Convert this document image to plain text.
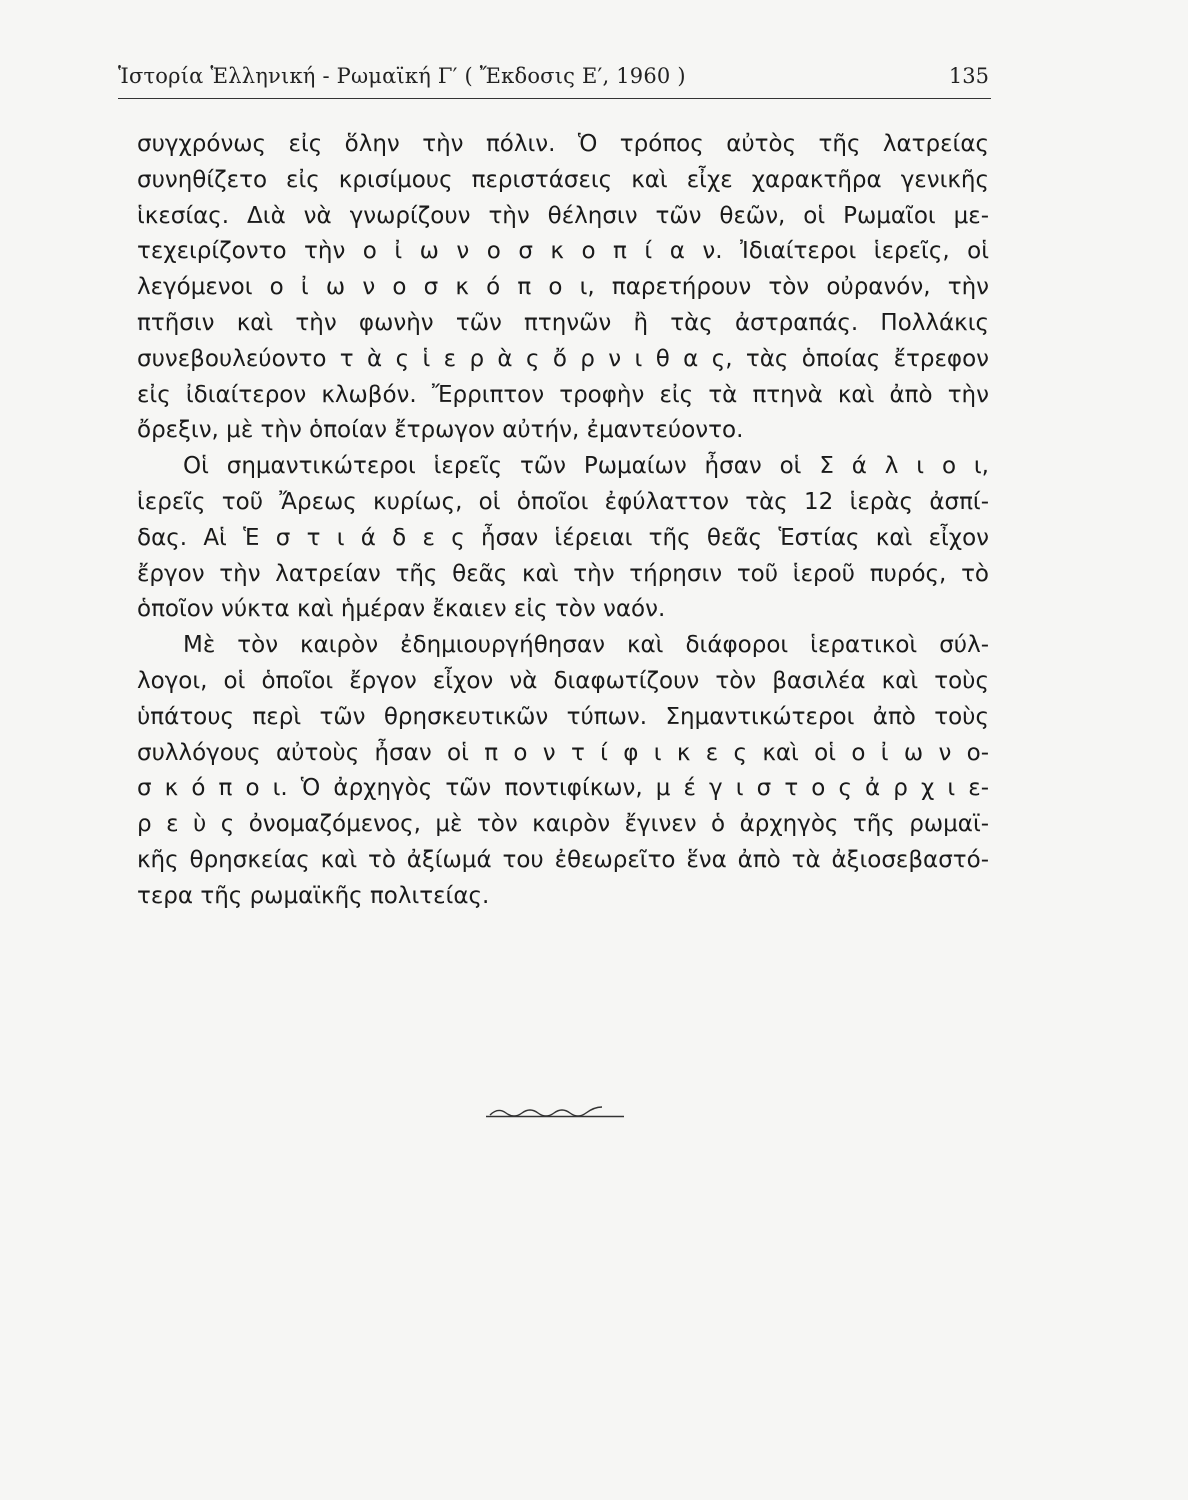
Ἱστορία Ἑλληνική - Ρωμαϊκή Γ′ ( Ἔκδοσις Ε′, 1960 )	135

συγχρόνως εἰς ὅλην τὴν πόλιν. Ὁ τρόπος αὐτὸς τῆς λατρείας
συνηθίζετο εἰς κρισίμους περιστάσεις καὶ εἶχε χαρακτῆρα γενικῆς
ἱκεσίας. Διὰ νὰ γνωρίζουν τὴν θέλησιν τῶν θεῶν, οἱ Ρωμαῖοι με-
τεχειρίζοντο τὴν ο ἰ ω ν ο σ κ ο π ί α ν. Ἰδιαίτεροι ἱερεῖς, οἱ
λεγόμενοι ο ἰ ω ν ο σ κ ό π ο ι, παρετήρουν τὸν οὐρανόν, τὴν
πτῆσιν καὶ τὴν φωνὴν τῶν πτηνῶν ἢ τὰς ἀστραπάς. Πολλάκις
συνεβουλεύοντο τ ὰ ς ἱ ε ρ ὰ ς ὄ ρ ν ι θ α ς, τὰς ὁποίας ἔτρεφον
εἰς ἰδιαίτερον κλωβόν. Ἔρριπτον τροφὴν εἰς τὰ πτηνὰ καὶ ἀπὸ τὴν
ὄρεξιν, μὲ τὴν ὁποίαν ἔτρωγον αὐτήν, ἐμαντεύοντο.

Οἱ σημαντικώτεροι ἱερεῖς τῶν Ρωμαίων ἦσαν οἱ Σ ά λ ι ο ι,
ἱερεῖς τοῦ Ἄρεως κυρίως, οἱ ὁποῖοι ἐφύλαττον τὰς 12 ἱερὰς ἀσπί-
δας. Αἱ Ἑ σ τ ι ά δ ε ς ἦσαν ἱέρειαι τῆς θεᾶς Ἑστίας καὶ εἶχον
ἔργον τὴν λατρείαν τῆς θεᾶς καὶ τὴν τήρησιν τοῦ ἱεροῦ πυρός, τὸ
ὁποῖον νύκτα καὶ ἡμέραν ἔκαιεν εἰς τὸν ναόν.

Μὲ τὸν καιρὸν ἐδημιουργήθησαν καὶ διάφοροι ἱερατικοὶ σύλ-
λογοι, οἱ ὁποῖοι ἔργον εἶχον νὰ διαφωτίζουν τὸν βασιλέα καὶ τοὺς
ὑπάτους περὶ τῶν θρησκευτικῶν τύπων. Σημαντικώτεροι ἀπὸ τοὺς
συλλόγους αὐτοὺς ἦσαν οἱ π ο ν τ ί φ ι κ ε ς καὶ οἱ ο ἰ ω ν ο-
σ κ ό π ο ι. Ὁ ἀρχηγὸς τῶν ποντιφίκων, μ έ γ ι σ τ ο ς ἀ ρ χ ι ε-
ρ ε ὺ ς ὀνομαζόμενος, μὲ τὸν καιρὸν ἔγινεν ὁ ἀρχηγὸς τῆς ρωμαϊ-
κῆς θρησκείας καὶ τὸ ἀξίωμά του ἐθεωρεῖτο ἕνα ἀπὸ τὰ ἀξιοσεβαστό-
τερα τῆς ρωμαϊκῆς πολιτείας.
